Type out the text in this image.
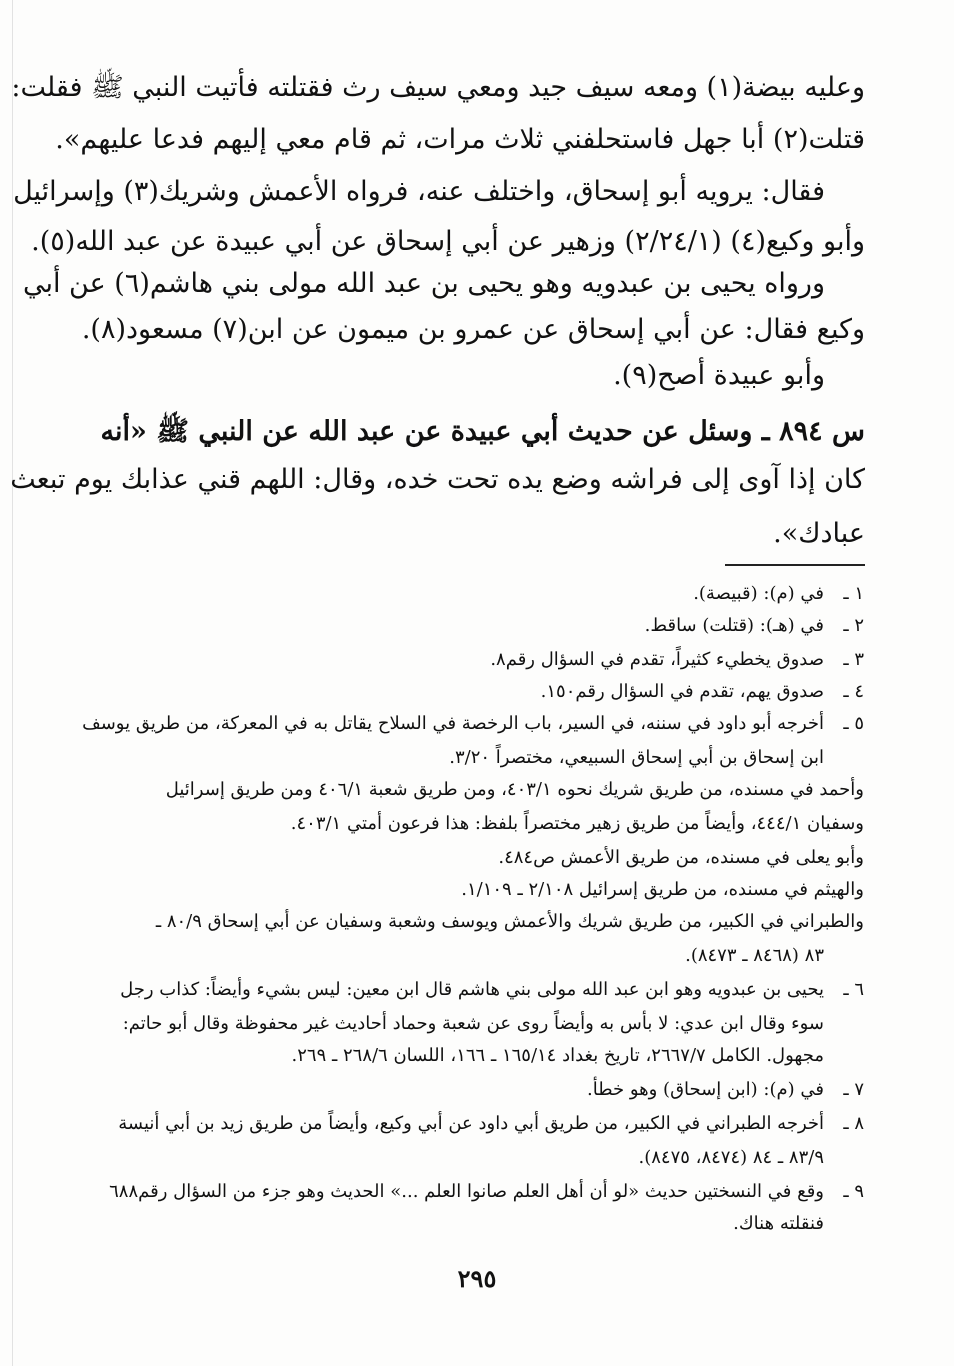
وعليه بيضة(١) ومعه سيف جيد ومعي سيف رث فقتلته فأتيت النبي ﷺ فقلت:
قتلت(٢) أبا جهل فاستحلفني ثلاث مرات، ثم قام معي إليهم فدعا عليهم».
فقال: يرويه أبو إسحاق، واختلف عنه، فرواه الأعمش وشريك(٣) وإسرائيل
وأبو وكيع(٤) (٢/٢٤/١) وزهير عن أبي إسحاق عن أبي عبيدة عن عبد الله(٥).
ورواه يحيى بن عبدويه وهو يحيى بن عبد الله مولى بني هاشم(٦) عن أبي
وكيع فقال: عن أبي إسحاق عن عمرو بن ميمون عن ابن(٧) مسعود(٨).
وأبو عبيدة أصح(٩).
س ٨٩٤ ـ وسئل عن حديث أبي عبيدة عن عبد الله عن النبي ﷺ «أنه
كان إذا آوى إلى فراشه وضع يده تحت خده، وقال: اللهم قني عذابك يوم تبعث
عبادك».
١ ـفي (م): (قبيصة).
٢ ـفي (هـ): (قتلت) ساقط.
٣ ـصدوق يخطيء كثيراً، تقدم في السؤال رقم٨.
٤ ـصدوق يهم، تقدم في السؤال رقم١٥٠.
٥ ـأخرجه أبو داود في سننه، في السير، باب الرخصة في السلاح يقاتل به في المعركة، من طريق يوسف
ابن إسحاق بن أبي إسحاق السبيعي، مختصراً ٣/٢٠.
وأحمد في مسنده، من طريق شريك نحوه ٤٠٣/١، ومن طريق شعبة ٤٠٦/١ ومن طريق إسرائيل
وسفيان ٤٤٤/١، وأيضاً من طريق زهير مختصراً بلفظ: هذا فرعون أمتي ٤٠٣/١.
وأبو يعلى في مسنده، من طريق الأعمش ص٤٨٤.
والهيثم في مسنده، من طريق إسرائيل ٢/١٠٨ ـ ١/١٠٩.
والطبراني في الكبير، من طريق شريك والأعمش ويوسف وشعبة وسفيان عن أبي إسحاق ٨٠/٩ ـ
٨٣ (٨٤٦٨ ـ ٨٤٧٣).
٦ ـيحيى بن عبدويه وهو ابن عبد الله مولى بني هاشم قال ابن معين: ليس بشيء وأيضاً: كذاب رجل
سوء وقال ابن عدي: لا بأس به وأيضاً روى عن شعبة وحماد أحاديث غير محفوظة وقال أبو حاتم:
مجهول. الكامل ٢٦٦٧/٧، تاريخ بغداد ١٦٥/١٤ ـ ١٦٦، اللسان ٢٦٨/٦ ـ ٢٦٩.
٧ ـفي (م): (ابن إسحاق) وهو خطأ.
٨ ـأخرجه الطبراني في الكبير، من طريق أبي داود عن أبي وكيع، وأيضاً من طريق زيد بن أبي أنيسة
٨٣/٩ ـ ٨٤ (٨٤٧٤، ٨٤٧٥).
٩ ـوقع في النسختين حديث «لو أن أهل العلم صانوا العلم ...» الحديث وهو جزء من السؤال رقم٦٨٨
فنقلته هناك.
٢٩٥
